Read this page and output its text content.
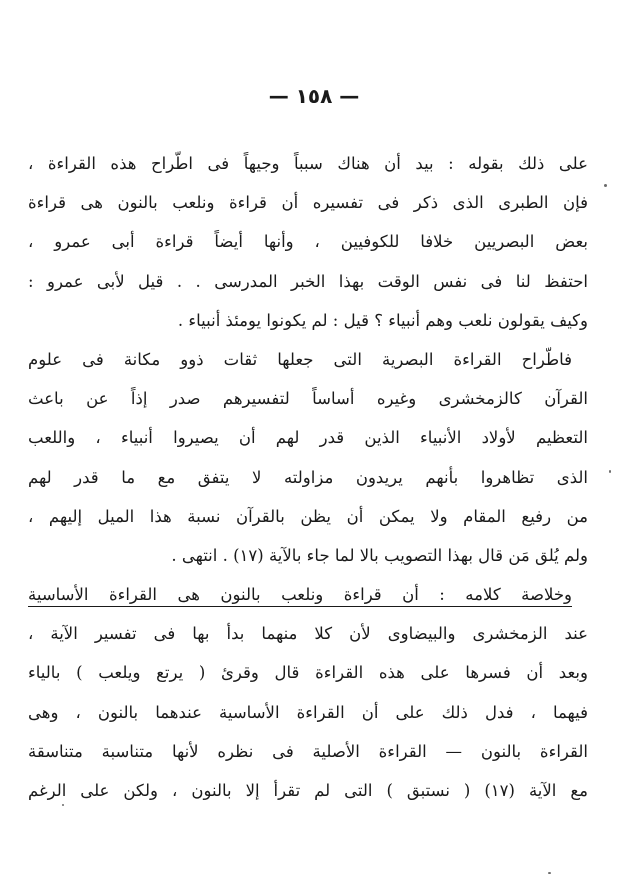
— ١٥٨ —
على ذلك بقوله : بيد أن هناك سبباً وجيهاً فى اطّراح هذه القراءة ،
فإن الطبرى الذى ذكر فى تفسيره أن قراءة ونلعب بالنون هى قراءة
بعض البصريين خلافا للكوفيين ، وأنها أيضاً قراءة أبى عمرو ،
احتفظ لنا فى نفس الوقت بهذا الخبر المدرسى . . قيل لأبى عمرو :
وكيف يقولون نلعب وهم أنبياء ؟ قيل : لم يكونوا يومئذ أنبياء .
فاطّراح القراءة البصرية التى جعلها ثقات ذوو مكانة فى علوم
القرآن كالزمخشرى وغيره أساساً لتفسيرهم صدر إذاً عن باعث
التعظيم لأولاد الأنبياء الذين قدر لهم أن يصيروا أنبياء ، واللعب
الذى تظاهروا بأنهم يريدون مزاولته لا يتفق مع ما قدر لهم
من رفيع المقام ولا يمكن أن يظن بالقرآن نسبة هذا الميل إليهم ،
ولم يُلق مَن قال بهذا التصويب بالا لما جاء بالآية (١٧) . انتهى .
وخلاصة كلامه : أن قراءة ونلعب بالنون هى القراءة الأساسية
عند الزمخشرى والبيضاوى لأن كلا منهما بدأ بها فى تفسير الآية ،
وبعد أن فسرها على هذه القراءة قال وقرئ ( يرتع ويلعب ) بالياء
فيهما ، فدل ذلك على أن القراءة الأساسية عندهما بالنون ، وهى
القراءة بالنون — القراءة الأصلية فى نظره لأنها متناسبة متناسقة
مع الآية (١٧) ( نستبق ) التى لم تقرأ إلا بالنون ، ولكن على الرغم
